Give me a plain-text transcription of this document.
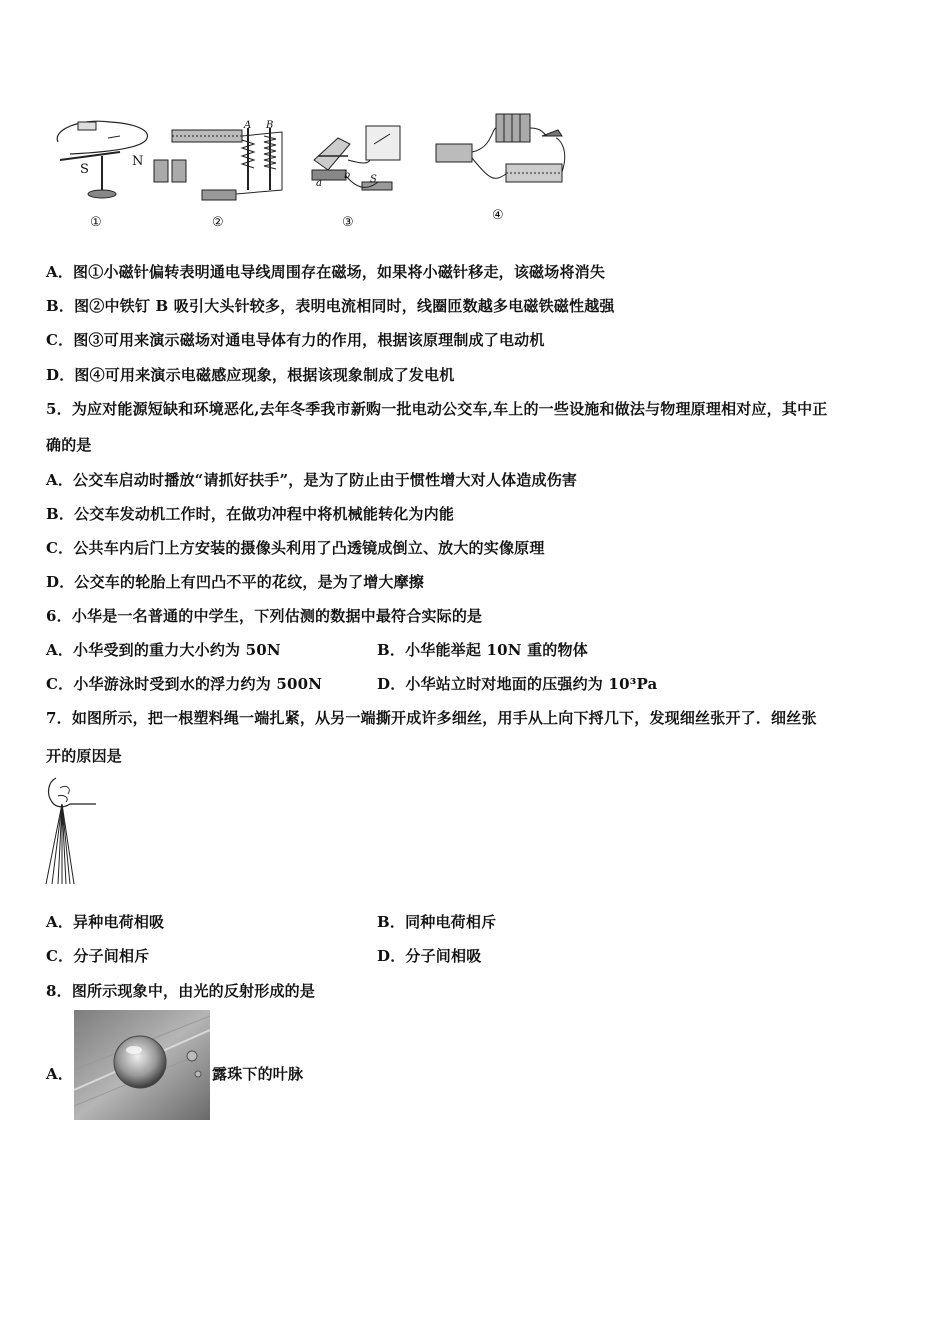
S
N
①
A B
②
a
b S
③	④
A．图①小磁针偏转表明通电导线周围存在磁场，如果将小磁针移走，该磁场将消失
B．图②中铁钉 B 吸引大头针较多，表明电流相同时，线圈匝数越多电磁铁磁性越强
C．图③可用来演示磁场对通电导体有力的作用，根据该原理制成了电动机
D．图④可用来演示电磁感应现象，根据该现象制成了发电机
5．为应对能源短缺和环境恶化,去年冬季我市新购一批电动公交车,车上的一些设施和做法与物理原理相对应，其中正
确的是
A．公交车启动时播放“请抓好扶手”，是为了防止由于惯性增大对人体造成伤害
B．公交车发动机工作时，在做功冲程中将机械能转化为内能
C．公共车内后门上方安装的摄像头利用了凸透镜成倒立、放大的实像原理
D．公交车的轮胎上有凹凸不平的花纹，是为了增大摩擦
6．小华是一名普通的中学生，下列估测的数据中最符合实际的是
A．小华受到的重力大小约为 50N	B．小华能举起 10N 重的物体
C．小华游泳时受到水的浮力约为 500N	D．小华站立时对地面的压强约为 10³Pa
7．如图所示，把一根塑料绳一端扎紧，从另一端撕开成许多细丝，用手从上向下捋几下，发现细丝张开了．细丝张
开的原因是
A．异种电荷相吸	B．同种电荷相斥
C．分子间相斥	D．分子间相吸
8．图所示现象中，由光的反射形成的是
A．	露珠下的叶脉
